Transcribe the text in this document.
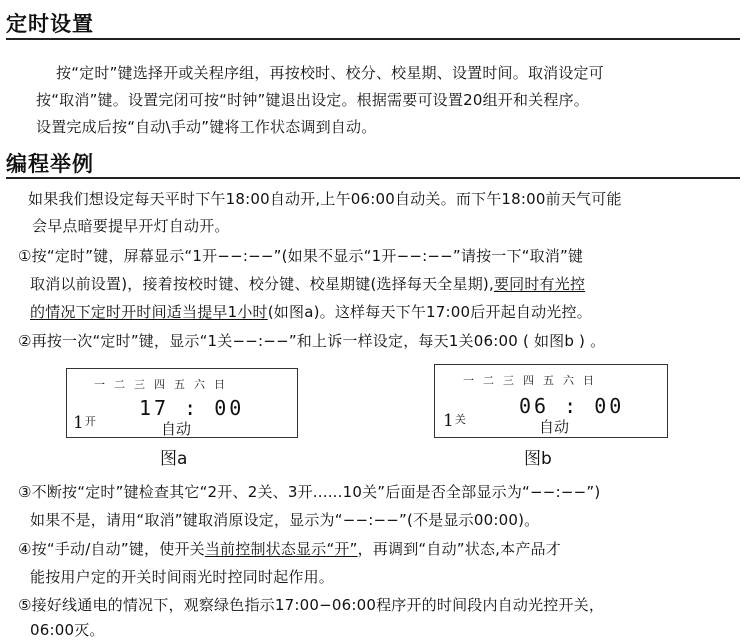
定时设置
按“定时”键选择开或关程序组，再按校时、校分、校星期、设置时间。取消设定可
按“取消”键。设置完闭可按“时钟”键退出设定。根据需要可设置20组开和关程序。
设置完成后按“自动\手动”键将工作状态调到自动。
编程举例
如果我们想设定每天平时下午18:00自动开,上午06:00自动关。而下午18:00前天气可能
会早点暗要提早开灯自动开。
①按“定时”键，屏幕显示“1开−−:−−”(如果不显示“1开−−:−−”请按一下“取消”键
取消以前设置)，接着按校时键、校分键、校星期键(选择每天全星期),要同时有光控
的情况下定时开时间适当提早1小时(如图a)。这样每天下午17:00后开起自动光控。
②再按一次“定时”键，显示“1关−−:−−”和上诉一样设定，每天1关06:00 ( 如图b ) 。
一二三四五六日
17 : 00
自动
$1^开$
图a
一二三四五六日
06 : 00
自动
$1^关$
图b
③不断按“定时”键检查其它“2开、2关、3开......10关”后面是否全部显示为“−−:−−”)
如果不是，请用“取消”键取消原设定，显示为“−−:−−”(不是显示00:00)。
④按“手动/自动”键，使开关当前控制状态显示“开”，再调到“自动”状态,本产品才
能按用户定的开关时间雨光时控同时起作用。
⑤接好线通电的情况下，观察绿色指示17:00−06:00程序开的时间段内自动光控开关，
06:00灭。
